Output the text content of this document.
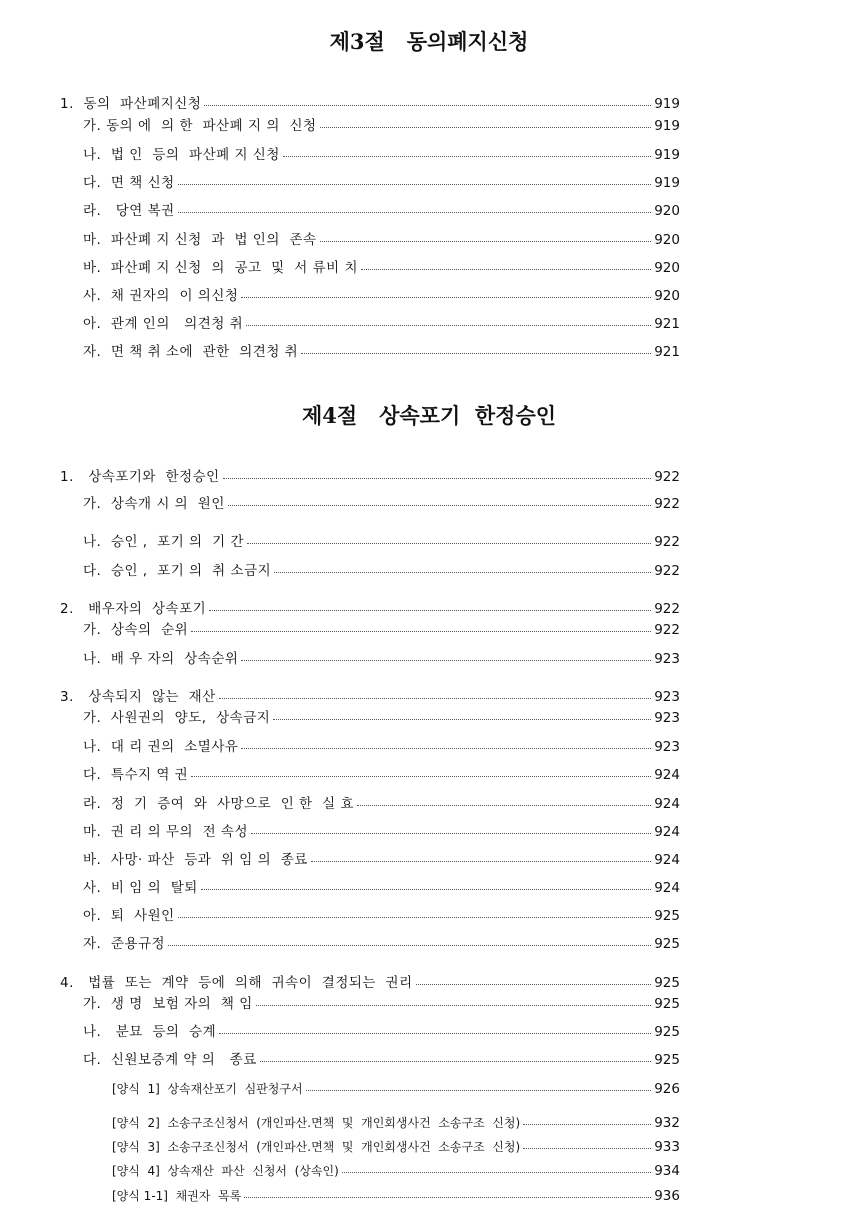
제3절   동의폐지신청
1.  동의  파산폐지신청	919
가. 동의 에  의 한  파산폐 지 의  신청	919
나.  법 인  등의  파산폐 지 신청	919
다.  면 책 신청	919
라.   당연 복권	920
마.  파산폐 지 신청  과  법 인의  존속	920
바.  파산폐 지 신청  의  공고  및  서 류비 치	920
사.  채 권자의  이 의신청	920
아.  관계 인의   의견청 취	921
자.  면 책 취 소에  관한  의견청 취	921
제4절   상속포기  한정승인
1.   상속포기와  한정승인	922
가.  상속개 시 의  원인	922
나.  승인 ,  포기 의  기 간	922
다.  승인 ,  포기 의  취 소금지	922
2.   배우자의  상속포기	922
가.  상속의  순위	922
나.  배 우 자의  상속순위	923
3.   상속되지  않는  재산	923
가.  사원권의  양도,  상속금지	923
나.  대 리 권의  소멸사유	923
다.  특수지 역 권	924
라.  정  기  증여  와  사망으로  인 한  실 효	924
마.  권 리 의 무의  전 속성	924
바.  사망· 파산  등과  위 임 의  종료	924
사.  비 임 의  탈퇴	924
아.  퇴  사원인	925
자.  준용규정	925
4.   법률  또는  계약  등에  의해  귀속이  결정되는  권리	925
가.  생 명  보험 자의  책 임	925
나.   분묘  등의  승계	925
다.  신원보증계 약 의   종료	925
[양식  1]  상속재산포기  심판청구서	926
[양식  2]  소송구조신청서  (개인파산.면책  및  개인회생사건  소송구조  신청)	932
[양식  3]  소송구조신청서  (개인파산.면책  및  개인회생사건  소송구조  신청)	933
[양식  4]  상속재산  파산  신청서  (상속인)	934
[양식 1-1]  채권자  목록	936
